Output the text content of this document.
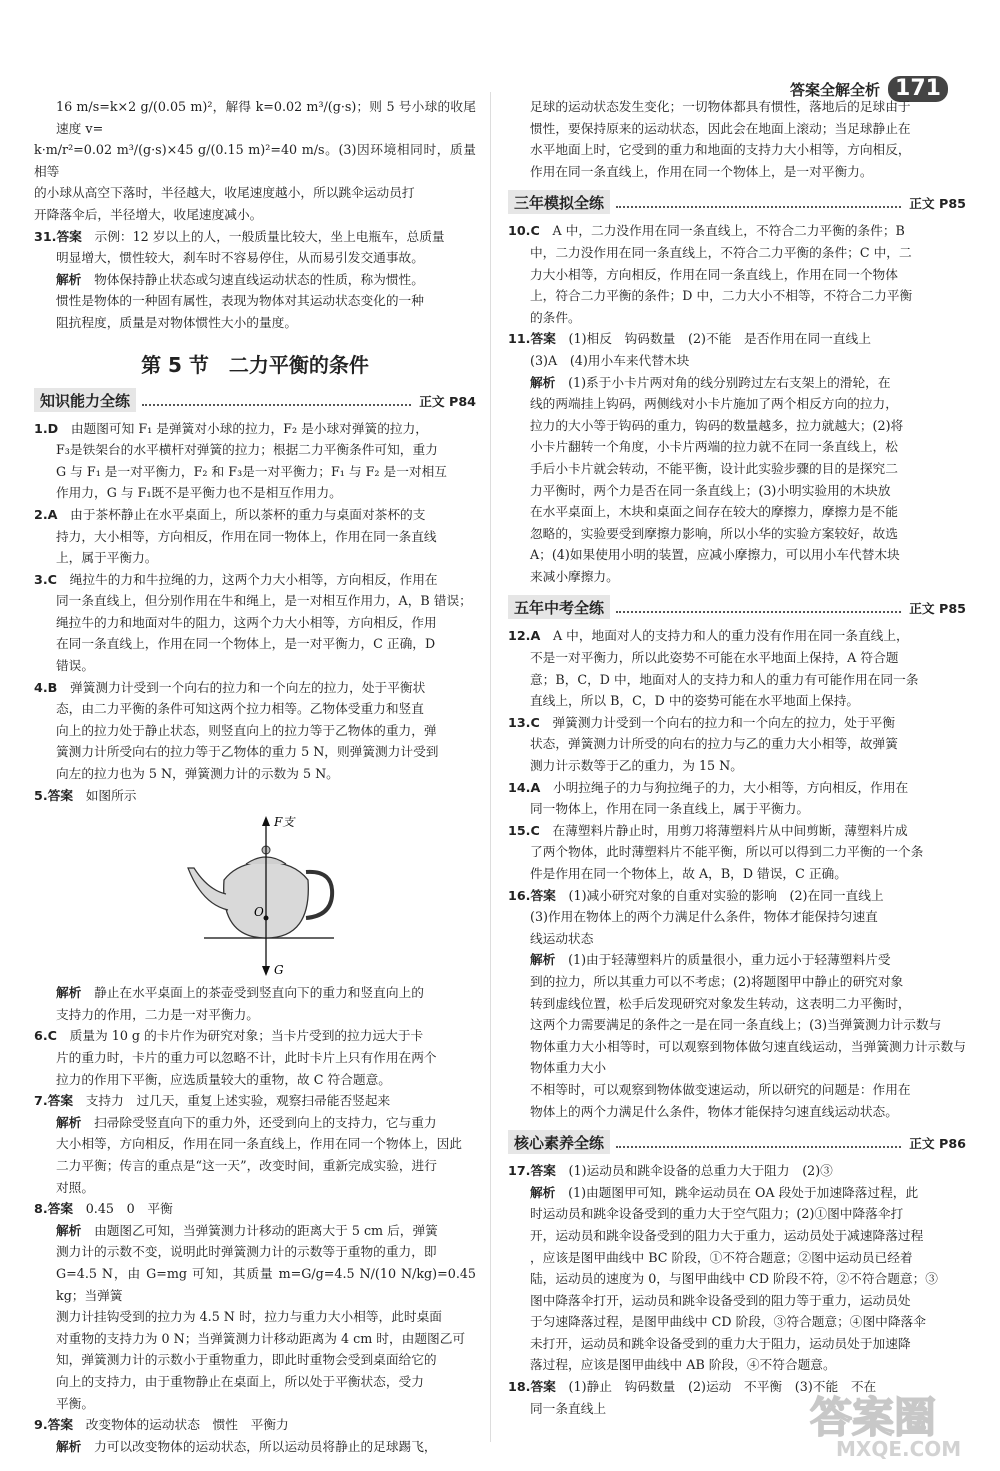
答案全解全析 171

16 m/s=k×2 g/(0.05 m)²，解得 k=0.02 m³/(g·s)；则 5 号小球的收尾速度 v=

k·m/r²=0.02 m³/(g·s)×45 g/(0.15 m)²=40 m/s。(3)因环境相同时，质量相等

的小球从高空下落时，半径越大，收尾速度越小，所以跳伞运动员打

开降落伞后，半径增大，收尾速度减小。

31.答案　 示例：12 岁以上的人，一般质量比较大，坐上电瓶车，总质量

明显增大，惯性较大，刹车时不容易停住，从而易引发交通事故。

解析　 物体保持静止状态或匀速直线运动状态的性质，称为惯性。

惯性是物体的一种固有属性，表现为物体对其运动状态变化的一种

阻抗程度，质量是对物体惯性大小的量度。

第 5 节　二力平衡的条件
知识能力全练	正文 P84

1.D　 由题图可知 F₁ 是弹簧对小球的拉力，F₂ 是小球对弹簧的拉力，

F₃是铁架台的水平横杆对弹簧的拉力；根据二力平衡条件可知，重力

G 与 F₁ 是一对平衡力，F₂ 和 F₃是一对平衡力；F₁ 与 F₂ 是一对相互

作用力，G 与 F₁既不是平衡力也不是相互作用力。

2.A　 由于茶杯静止在水平桌面上，所以茶杯的重力与桌面对茶杯的支

持力，大小相等，方向相反，作用在同一物体上，作用在同一条直线

上，属于平衡力。

3.C　 绳拉牛的力和牛拉绳的力，这两个力大小相等，方向相反，作用在

同一条直线上，但分别作用在牛和绳上，是一对相互作用力，A，B 错误；

绳拉牛的力和地面对牛的阻力，这两个力大小相等，方向相反，作用

在同一条直线上，作用在同一个物体上，是一对平衡力，C 正确，D

错误。

4.B　 弹簧测力计受到一个向右的拉力和一个向左的拉力，处于平衡状

态，由二力平衡的条件可知这两个拉力相等。乙物体受重力和竖直

向上的拉力处于静止状态，则竖直向上的拉力等于乙物体的重力，弹

簧测力计所受向右的拉力等于乙物体的重力 5 N，则弹簧测力计受到

向左的拉力也为 5 N，弹簧测力计的示数为 5 N。

5.答案　 如图所示

F支
O
G

解析　 静止在水平桌面上的茶壶受到竖直向下的重力和竖直向上的

支持力的作用，二力是一对平衡力。

6.C　 质量为 10 g 的卡片作为研究对象；当卡片受到的拉力远大于卡

片的重力时，卡片的重力可以忽略不计，此时卡片上只有作用在两个

拉力的作用下平衡，应选质量较大的重物，故 C 符合题意。

7.答案　 支持力　过几天，重复上述实验，观察扫帚能否竖起来

解析　 扫帚除受竖直向下的重力外，还受到向上的支持力，它与重力

大小相等，方向相反，作用在同一条直线上，作用在同一个物体上，因此

二力平衡；传言的重点是“这一天”，改变时间，重新完成实验，进行

对照。

8.答案　 0.45　0　平衡

解析　 由题图乙可知，当弹簧测力计移动的距离大于 5 cm 后，弹簧

测力计的示数不变，说明此时弹簧测力计的示数等于重物的重力，即

G=4.5 N，由 G=mg 可知，其质量 m=G/g=4.5 N/(10 N/kg)=0.45 kg；当弹簧

测力计挂钩受到的拉力为 4.5 N 时，拉力与重力大小相等，此时桌面

对重物的支持力为 0 N；当弹簧测力计移动距离为 4 cm 时，由题图乙可

知，弹簧测力计的示数小于重物重力，即此时重物会受到桌面给它的

向上的支持力，由于重物静止在桌面上，所以处于平衡状态，受力

平衡。

9.答案　 改变物体的运动状态　惯性　平衡力

解析　 力可以改变物体的运动状态，所以运动员将静止的足球踢飞，

足球的运动状态发生变化；一切物体都具有惯性，落地后的足球由于

惯性，要保持原来的运动状态，因此会在地面上滚动；当足球静止在

水平地面上时，它受到的重力和地面的支持力大小相等，方向相反，

作用在同一条直线上，作用在同一个物体上，是一对平衡力。

三年模拟全练	正文 P85

10.C　 A 中，二力没作用在同一条直线上，不符合二力平衡的条件；B

中，二力没作用在同一条直线上，不符合二力平衡的条件；C 中，二

力大小相等，方向相反，作用在同一条直线上，作用在同一个物体

上，符合二力平衡的条件；D 中，二力大小不相等，不符合二力平衡

的条件。

11.答案　 (1)相反　钩码数量　(2)不能　是否作用在同一直线上

(3)A　(4)用小车来代替木块

解析　 (1)系于小卡片两对角的线分别跨过左右支架上的滑轮，在

线的两端挂上钩码，两侧线对小卡片施加了两个相反方向的拉力，

拉力的大小等于钩码的重力，钩码的数量越多，拉力就越大；(2)将

小卡片翻转一个角度，小卡片两端的拉力就不在同一条直线上，松

手后小卡片就会转动，不能平衡，设计此实验步骤的目的是探究二

力平衡时，两个力是否在同一条直线上；(3)小明实验用的木块放

在水平桌面上，木块和桌面之间存在较大的摩擦力，摩擦力是不能

忽略的，实验要受到摩擦力影响，所以小华的实验方案较好，故选

A；(4)如果使用小明的装置，应减小摩擦力，可以用小车代替木块

来减小摩擦力。

五年中考全练	正文 P85

12.A　 A 中，地面对人的支持力和人的重力没有作用在同一条直线上，

不是一对平衡力，所以此姿势不可能在水平地面上保持，A 符合题

意；B，C，D 中，地面对人的支持力和人的重力有可能作用在同一条

直线上，所以 B，C，D 中的姿势可能在水平地面上保持。

13.C　 弹簧测力计受到一个向右的拉力和一个向左的拉力，处于平衡

状态，弹簧测力计所受的向右的拉力与乙的重力大小相等，故弹簧

测力计示数等于乙的重力，为 15 N。

14.A　 小明拉绳子的力与狗拉绳子的力，大小相等，方向相反，作用在

同一物体上，作用在同一条直线上，属于平衡力。

15.C　 在薄塑料片静止时，用剪刀将薄塑料片从中间剪断，薄塑料片成

了两个物体，此时薄塑料片不能平衡，所以可以得到二力平衡的一个条

件是作用在同一个物体上，故 A，B，D 错误，C 正确。

16.答案　 (1)减小研究对象的自重对实验的影响　(2)在同一直线上

(3)作用在物体上的两个力满足什么条件，物体才能保持匀速直

线运动状态

解析　 (1)由于轻薄塑料片的质量很小，重力远小于轻薄塑料片受

到的拉力，所以其重力可以不考虑；(2)将题图甲中静止的研究对象

转到虚线位置，松手后发现研究对象发生转动，这表明二力平衡时，

这两个力需要满足的条件之一是在同一条直线上；(3)当弹簧测力计示数与

物体重力大小相等时，可以观察到物体做匀速直线运动，当弹簧测力计示数与物体重力大小

不相等时，可以观察到物体做变速运动，所以研究的问题是：作用在

物体上的两个力满足什么条件，物体才能保持匀速直线运动状态。

核心素养全练	正文 P86

17.答案　 (1)运动员和跳伞设备的总重力大于阻力　(2)③

解析　 (1)由题图甲可知，跳伞运动员在 OA 段处于加速降落过程，此

时运动员和跳伞设备受到的重力大于空气阻力；(2)①图中降落伞打

开，运动员和跳伞设备受到的阻力大于重力，运动员处于减速降落过程

，应该是图甲曲线中 BC 阶段，①不符合题意；②图中运动员已经着

陆，运动员的速度为 0，与图甲曲线中 CD 阶段不符，②不符合题意；③

图中降落伞打开，运动员和跳伞设备受到的阻力等于重力，运动员处

于匀速降落过程，是图甲曲线中 CD 阶段，③符合题意；④图中降落伞

未打开，运动员和跳伞设备受到的重力大于阻力，运动员处于加速降

落过程，应该是图甲曲线中 AB 阶段，④不符合题意。

18.答案　 (1)静止　钩码数量　(2)运动　不平衡　(3)不能　不在

同一条直线上	答案圈
MXQE.COM
